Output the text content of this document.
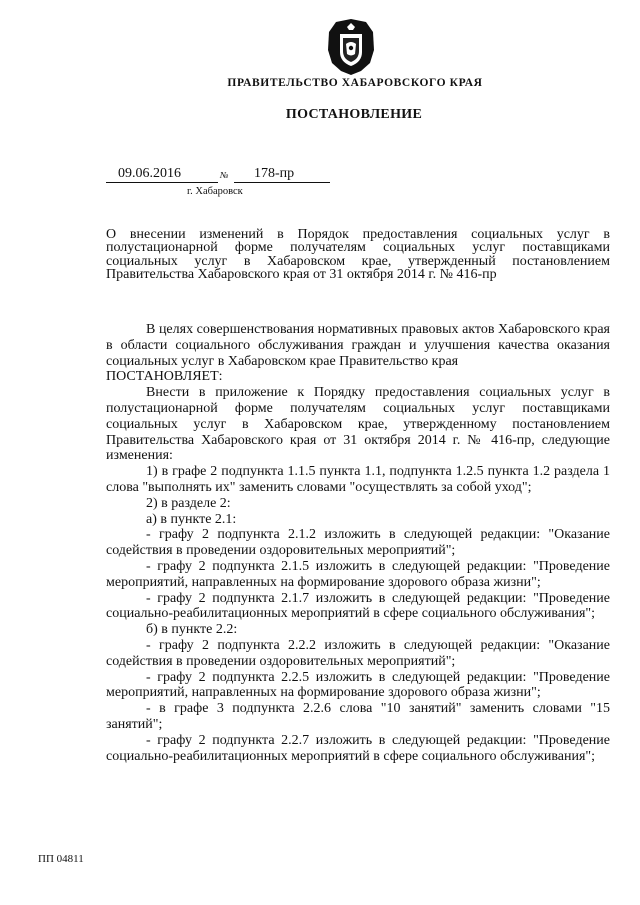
ПРАВИТЕЛЬСТВО ХАБАРОВСКОГО КРАЯ
ПОСТАНОВЛЕНИЕ
09.06.2016	№	178-пр
г. Хабаровск
О внесении изменений в Порядок предоставления социальных услуг в полустационарной форме получателям социальных услуг поставщиками социальных услуг в Хабаровском крае, утвержденный постановлением Правительства Хабаровского края от 31 октября 2014 г. № 416-пр

В целях совершенствования нормативных правовых актов Хабаровского края в области социального обслуживания граждан и улучшения качества оказания социальных услуг в Хабаровском крае Правительство края

ПОСТАНОВЛЯЕТ:

Внести в приложение к Порядку предоставления социальных услуг в полустационарной форме получателям социальных услуг поставщиками социальных услуг в Хабаровском крае, утвержденному постановлением Правительства Хабаровского края от 31 октября 2014 г. № 416-пр, следующие изменения:

1) в графе 2 подпункта 1.1.5 пункта 1.1, подпункта 1.2.5 пункта 1.2 раздела 1 слова "выполнять их" заменить словами "осуществлять за собой уход";

2) в разделе 2:

а) в пункте 2.1:

- графу 2 подпункта 2.1.2 изложить в следующей редакции: "Оказание содействия в проведении оздоровительных мероприятий";

- графу 2 подпункта 2.1.5 изложить в следующей редакции: "Проведение мероприятий, направленных на формирование здорового образа жизни";

- графу 2 подпункта 2.1.7 изложить в следующей редакции: "Проведение социально-реабилитационных мероприятий в сфере социального обслуживания";

б) в пункте 2.2:

- графу 2 подпункта 2.2.2 изложить в следующей редакции: "Оказание содействия в проведении оздоровительных мероприятий";

- графу 2 подпункта 2.2.5 изложить в следующей редакции: "Проведение мероприятий, направленных на формирование здорового образа жизни";

- в графе 3 подпункта 2.2.6 слова "10 занятий" заменить словами "15 занятий";

- графу 2 подпункта 2.2.7 изложить в следующей редакции: "Проведение социально-реабилитационных мероприятий в сфере социального обслуживания";

ПП 04811
